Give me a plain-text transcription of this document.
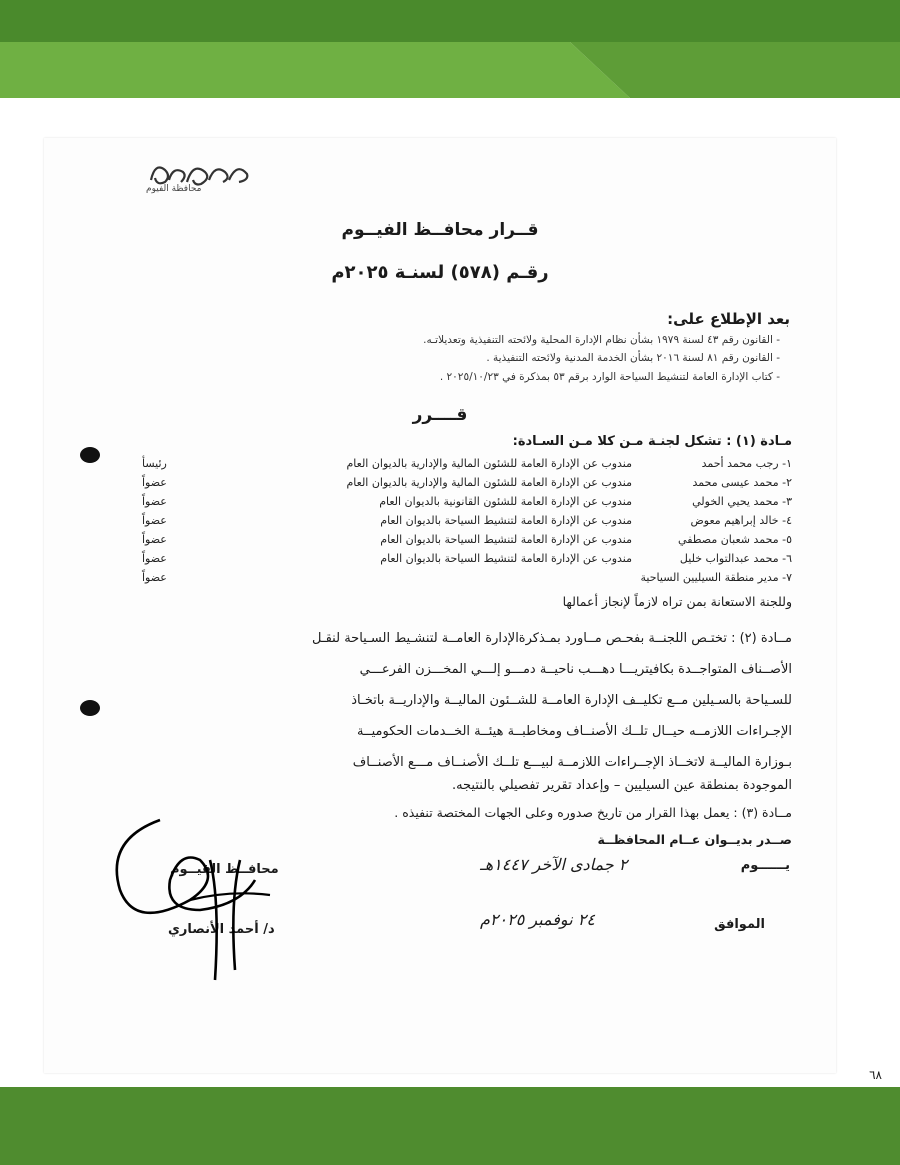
محافظة الفيوم
قــرار محافــظ الفيــوم
رقـم (٥٧٨) لسنـة ٢٠٢٥م
بعد الإطلاع على:
- القانون رقم ٤٣ لسنة ١٩٧٩ بشأن نظام الإدارة المحلية ولائحته التنفيذية وتعديلاتـه.
- القانون رقم ٨١ لسنة ٢٠١٦ بشأن الخدمة المدنية ولائحته التنفيذية .
- كتاب الإدارة العامة لتنشيط السياحة الوارد برقم ٥٣ بمذكرة في ٢٠٢٥/١٠/٢٣ .
قــــرر
مـادة (١) : تشكل لجنـة مـن كلا مـن السـادة:
١- رجب محمد أحمد
مندوب عن الإدارة العامة للشئون المالية والإدارية بالديوان العام
رئيسأ
٢- محمد عيسى محمد
مندوب عن الإدارة العامة للشئون المالية والإدارية بالديوان العام
عضواً
٣- محمد يحيي الخولي
مندوب عن الإدارة العامة للشئون القانونية بالديوان العام
عضواً
٤- خالد إبراهيم معوض
مندوب عن الإدارة العامة لتنشيط السياحة بالديوان العام
عضواً
٥- محمد شعبان مصطفي
مندوب عن الإدارة العامة لتنشيط السياحة بالديوان العام
عضواً
٦- محمد عبدالتواب خليل
مندوب عن الإدارة العامة لتنشيط السياحة بالديوان العام
عضواً
٧- مدير منطقة السيليين السياحية
عضواً
وللجنة الاستعانة بمن تراه لازماً لإنجاز أعمالها
مــادة (٢) : تختـص اللجنــة بفحـص مــاورد بمـذكرةالإدارة العامــة لتنشـيط السـياحة لنقـل
الأصــناف المتواجــدة بكافيتريـــا دهـــب ناحيــة دمـــو إلـــي المخـــزن الفرعـــي
للسـياحة بالسـيلين مــع تكليــف الإدارة العامــة للشــئون الماليــة والإداريــة باتخـاذ
الإجـراءات اللازمــه حيــال تلــك الأصنــاف ومخاطبــة هيئــة الخــدمات الحكوميــة
بـوزارة الماليــة لاتخــاذ الإجــراءات اللازمــة لبيـــع تلــك الأصنــاف مـــع الأصنــاف
الموجودة بمنطقة عين السيليين – وإعداد تقرير تفصيلي بالنتيجه.
مــادة (٣) : يعمل بهذا القرار من تاريخ صدوره وعلى الجهات المختصة تنفيذه .
صــدر بديــوان عــام المحافظــة
يــــــوم
٢ جمادى الآخر ١٤٤٧هـ
الموافق
٢٤ نوفمبر ٢٠٢٥م
محافــظ الفيــوم
د/ أحمد الأنصاري
٦٨
